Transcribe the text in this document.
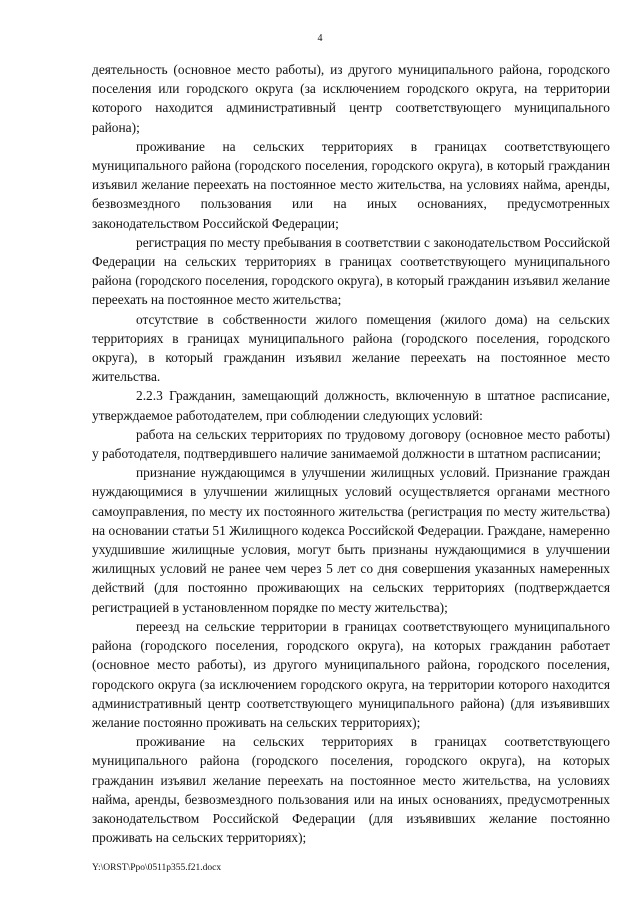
4

деятельность (основное место работы), из другого муниципального района, городского поселения или городского округа (за исключением городского округа, на территории которого находится административный центр соответствующего муниципального района);

проживание на сельских территориях в границах соответствующего муниципального района (городского поселения, городского округа), в который гражданин изъявил желание переехать на постоянное место жительства, на условиях найма, аренды, безвозмездного пользования или на иных основаниях, предусмотренных законодательством Российской Федерации;

регистрация по месту пребывания в соответствии с законодательством Российской Федерации на сельских территориях в границах соответствующего муниципального района (городского поселения, городского округа), в который гражданин изъявил желание переехать на постоянное место жительства;

отсутствие в собственности жилого помещения (жилого дома) на сельских территориях в границах муниципального района (городского поселения, городского округа), в который гражданин изъявил желание переехать на постоянное место жительства.

2.2.3 Гражданин, замещающий должность, включенную в штатное расписание, утверждаемое работодателем, при соблюдении следующих условий:

работа на сельских территориях по трудовому договору (основное место работы) у работодателя, подтвердившего наличие занимаемой должности в штатном расписании;

признание нуждающимся в улучшении жилищных условий. Признание граждан нуждающимися в улучшении жилищных условий осуществляется органами местного самоуправления, по месту их постоянного жительства (регистрация по месту жительства) на основании статьи 51 Жилищного кодекса Российской Федерации. Граждане, намеренно ухудшившие жилищные условия, могут быть признаны нуждающимися в улучшении жилищных условий не ранее чем через 5 лет со дня совершения указанных намеренных действий (для постоянно проживающих на сельских территориях (подтверждается регистрацией в установленном порядке по месту жительства);

переезд на сельские территории в границах соответствующего муниципального района (городского поселения, городского округа), на которых гражданин работает (основное место работы), из другого муниципального района, городского поселения, городского округа (за исключением городского округа, на территории которого находится административный центр соответствующего муниципального района) (для изъявивших желание постоянно проживать на сельских территориях);

проживание на сельских территориях в границах соответствующего муниципального района (городского поселения, городского округа), на которых гражданин изъявил желание переехать на постоянное место жительства, на условиях найма, аренды, безвозмездного пользования или на иных основаниях, предусмотренных законодательством Российской Федерации (для изъявивших желание постоянно проживать на сельских территориях);

Y:\ORST\Ppo\0511p355.f21.docx
